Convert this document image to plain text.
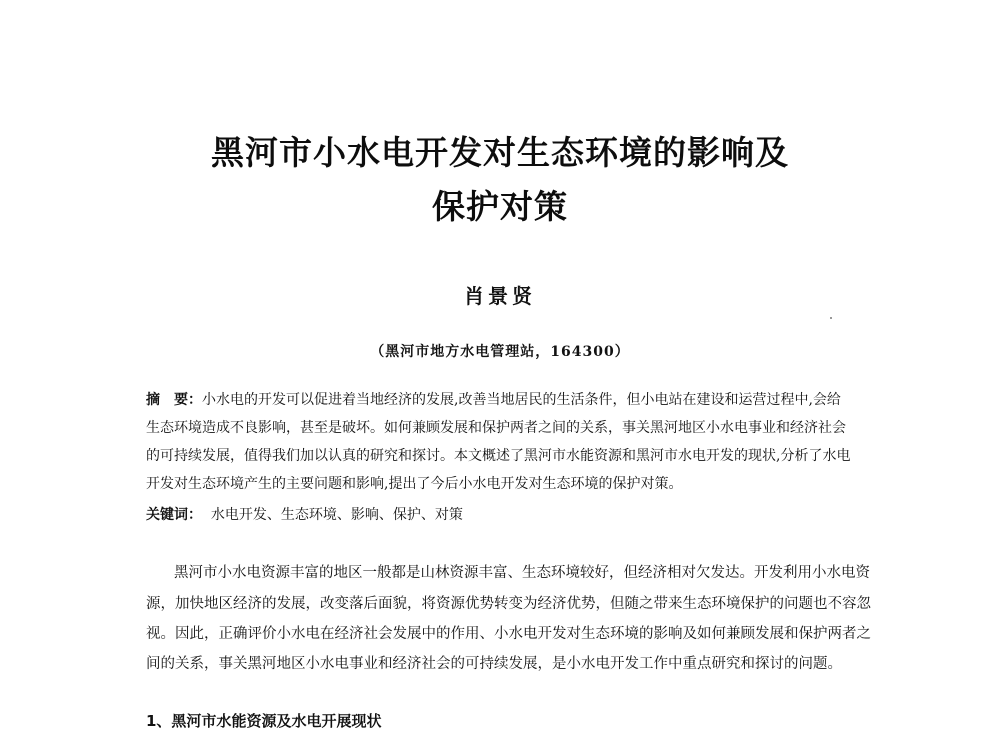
黑河市小水电开发对生态环境的影响及
保护对策
肖景贤
（黑河市地方水电管理站，164300）
摘　要：小水电的开发可以促进着当地经济的发展,改善当地居民的生活条件，但小电站在建设和运营过程中,会给
生态环境造成不良影响，甚至是破坏。如何兼顾发展和保护两者之间的关系，事关黑河地区小水电事业和经济社会
的可持续发展，值得我们加以认真的研究和探讨。本文概述了黑河市水能资源和黑河市水电开发的现状,分析了水电
开发对生态环境产生的主要问题和影响,提出了今后小水电开发对生态环境的保护对策。
关键词： 水电开发、生态环境、影响、保护、对策
黑河市小水电资源丰富的地区一般都是山林资源丰富、生态环境较好，但经济相对欠发达。开发利用小水电资
源，加快地区经济的发展，改变落后面貌，将资源优势转变为经济优势，但随之带来生态环境保护的问题也不容忽
视。因此，正确评价小水电在经济社会发展中的作用、小水电开发对生态环境的影响及如何兼顾发展和保护两者之
间的关系，事关黑河地区小水电事业和经济社会的可持续发展，是小水电开发工作中重点研究和探讨的问题。
1、黑河市水能资源及水电开展现状
